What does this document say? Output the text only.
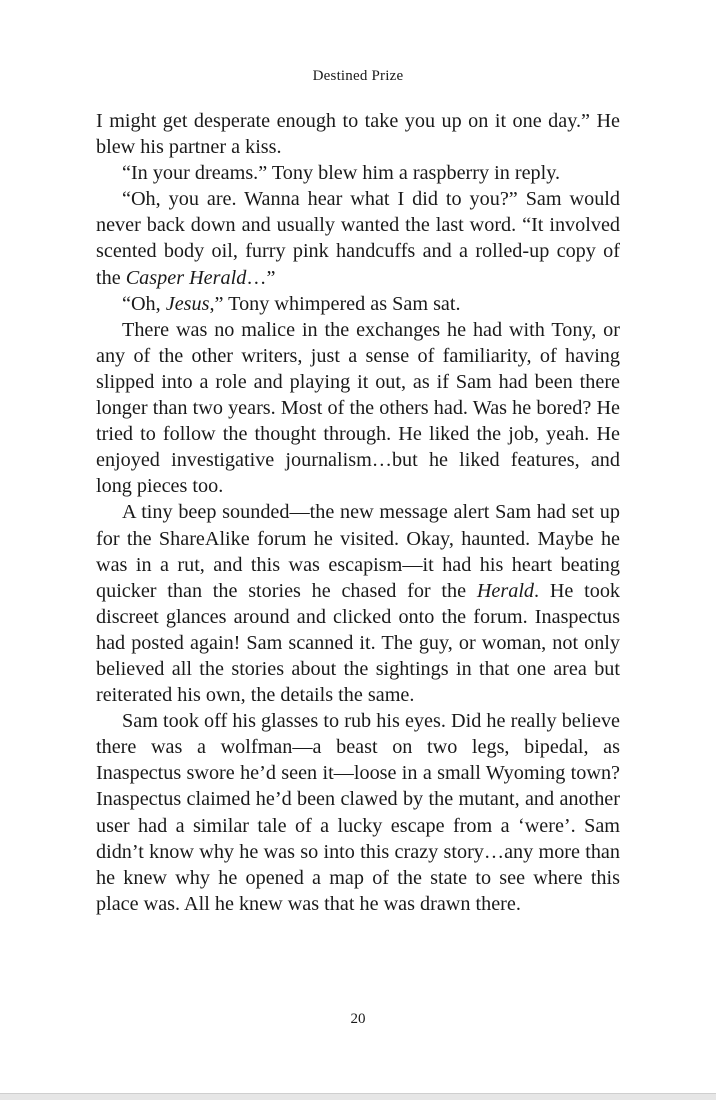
Destined Prize

I might get desperate enough to take you up on it one day.” He blew his partner a kiss.

“In your dreams.” Tony blew him a raspberry in reply.

“Oh, you are. Wanna hear what I did to you?” Sam would never back down and usually wanted the last word. “It involved scented body oil, furry pink handcuffs and a rolled-up copy of the Casper Herald…”

“Oh, Jesus,” Tony whimpered as Sam sat.

There was no malice in the exchanges he had with Tony, or any of the other writers, just a sense of familiarity, of having slipped into a role and playing it out, as if Sam had been there longer than two years. Most of the others had. Was he bored? He tried to follow the thought through. He liked the job, yeah. He enjoyed investigative journalism…but he liked features, and long pieces too.

A tiny beep sounded—the new message alert Sam had set up for the ShareAlike forum he visited. Okay, haunted. Maybe he was in a rut, and this was escapism—it had his heart beating quicker than the stories he chased for the Herald. He took discreet glances around and clicked onto the forum. Inaspectus had posted again! Sam scanned it. The guy, or woman, not only believed all the stories about the sightings in that one area but reiterated his own, the details the same.

Sam took off his glasses to rub his eyes. Did he really believe there was a wolfman—a beast on two legs, bipedal, as Inaspectus swore he’d seen it—loose in a small Wyoming town? Inaspectus claimed he’d been clawed by the mutant, and another user had a similar tale of a lucky escape from a ‘were’. Sam didn’t know why he was so into this crazy story…any more than he knew why he opened a map of the state to see where this place was. All he knew was that he was drawn there.

20
